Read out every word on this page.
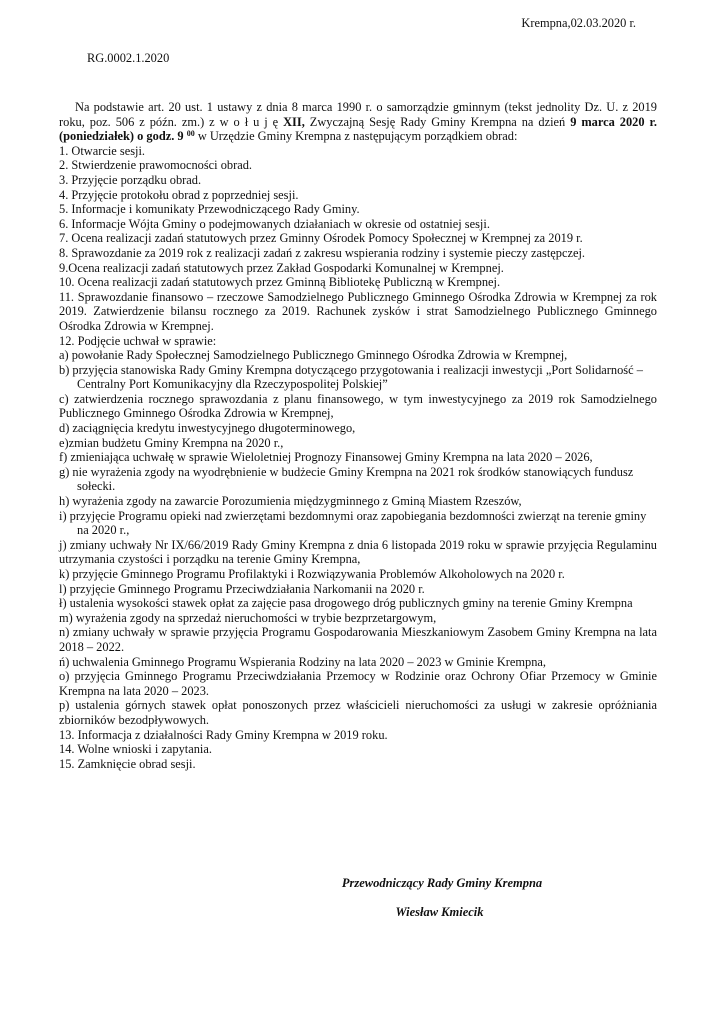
Krempna,02.03.2020 r.
RG.0002.1.2020

Na podstawie art. 20 ust. 1 ustawy z dnia 8 marca 1990 r. o samorządzie gminnym (tekst jednolity Dz. U. z 2019 roku, poz. 506 z późn. zm.) z w o ł u j ę XII, Zwyczajną Sesję Rady Gminy Krempna na dzień 9 marca 2020 r. (poniedziałek) o godz. 9 $^{00}$ w Urzędzie Gminy Krempna z następującym porządkiem obrad:

1. Otwarcie sesji.

2. Stwierdzenie prawomocności obrad.

3. Przyjęcie porządku obrad.

4. Przyjęcie protokołu obrad z poprzedniej sesji.

5. Informacje i komunikaty Przewodniczącego Rady Gminy.

6. Informacje Wójta Gminy o podejmowanych działaniach w okresie od ostatniej sesji.

7. Ocena realizacji zadań statutowych przez Gminny Ośrodek Pomocy Społecznej w Krempnej za 2019 r.

8. Sprawozdanie za 2019 rok z realizacji zadań z zakresu wspierania rodziny i systemie pieczy zastępczej.

9.Ocena realizacji zadań statutowych przez Zakład Gospodarki Komunalnej w Krempnej.

10. Ocena realizacji zadań statutowych przez Gminną Bibliotekę Publiczną w Krempnej.

11. Sprawozdanie finansowo – rzeczowe Samodzielnego Publicznego Gminnego Ośrodka Zdrowia w Krempnej za rok 2019. Zatwierdzenie bilansu rocznego za 2019. Rachunek zysków i strat Samodzielnego Publicznego Gminnego Ośrodka Zdrowia w Krempnej.

12. Podjęcie uchwał w sprawie:

a) powołanie Rady Społecznej Samodzielnego Publicznego Gminnego Ośrodka Zdrowia w Krempnej,

b) przyjęcia stanowiska Rady Gminy Krempna dotyczącego przygotowania i realizacji inwestycji „Port Solidarność – Centralny Port Komunikacyjny dla Rzeczypospolitej Polskiej”

c) zatwierdzenia rocznego sprawozdania z planu finansowego, w tym inwestycyjnego za 2019 rok Samodzielnego Publicznego Gminnego Ośrodka Zdrowia w Krempnej,

d) zaciągnięcia kredytu inwestycyjnego długoterminowego,

e)zmian budżetu Gminy Krempna na 2020 r.,

f) zmieniająca uchwałę w sprawie Wieloletniej Prognozy Finansowej Gminy Krempna na lata 2020 – 2026,

g) nie wyrażenia zgody na wyodrębnienie w budżecie Gminy Krempna na 2021 rok środków stanowiących fundusz sołecki.

h) wyrażenia zgody na zawarcie Porozumienia międzygminnego z Gminą Miastem Rzeszów,

i) przyjęcie Programu opieki nad zwierzętami bezdomnymi oraz zapobiegania bezdomności zwierząt na terenie gminy na 2020 r.,

j) zmiany uchwały Nr IX/66/2019 Rady Gminy Krempna z dnia 6 listopada 2019 roku w sprawie przyjęcia Regulaminu utrzymania czystości i porządku na terenie Gminy Krempna,

k) przyjęcie Gminnego Programu Profilaktyki i Rozwiązywania Problemów Alkoholowych na 2020 r.

l) przyjęcie Gminnego Programu Przeciwdziałania Narkomanii na 2020 r.

ł) ustalenia wysokości stawek opłat za zajęcie pasa drogowego dróg publicznych gminy na terenie Gminy Krempna

m) wyrażenia zgody na sprzedaż nieruchomości w trybie bezprzetargowym,

n) zmiany uchwały w sprawie przyjęcia Programu Gospodarowania Mieszkaniowym Zasobem Gminy Krempna na lata 2018 – 2022.

ń) uchwalenia Gminnego Programu Wspierania Rodziny na lata 2020 – 2023 w Gminie Krempna,

o) przyjęcia Gminnego Programu Przeciwdziałania Przemocy w Rodzinie oraz Ochrony Ofiar Przemocy w Gminie Krempna na lata 2020 – 2023.

p) ustalenia górnych stawek opłat ponoszonych przez właścicieli nieruchomości za usługi w zakresie opróżniania zbiorników bezodpływowych.

13. Informacja z działalności Rady Gminy Krempna w 2019 roku.

14. Wolne wnioski i zapytania.

15. Zamknięcie obrad sesji.

Przewodniczący Rady Gminy Krempna
Wiesław Kmiecik
